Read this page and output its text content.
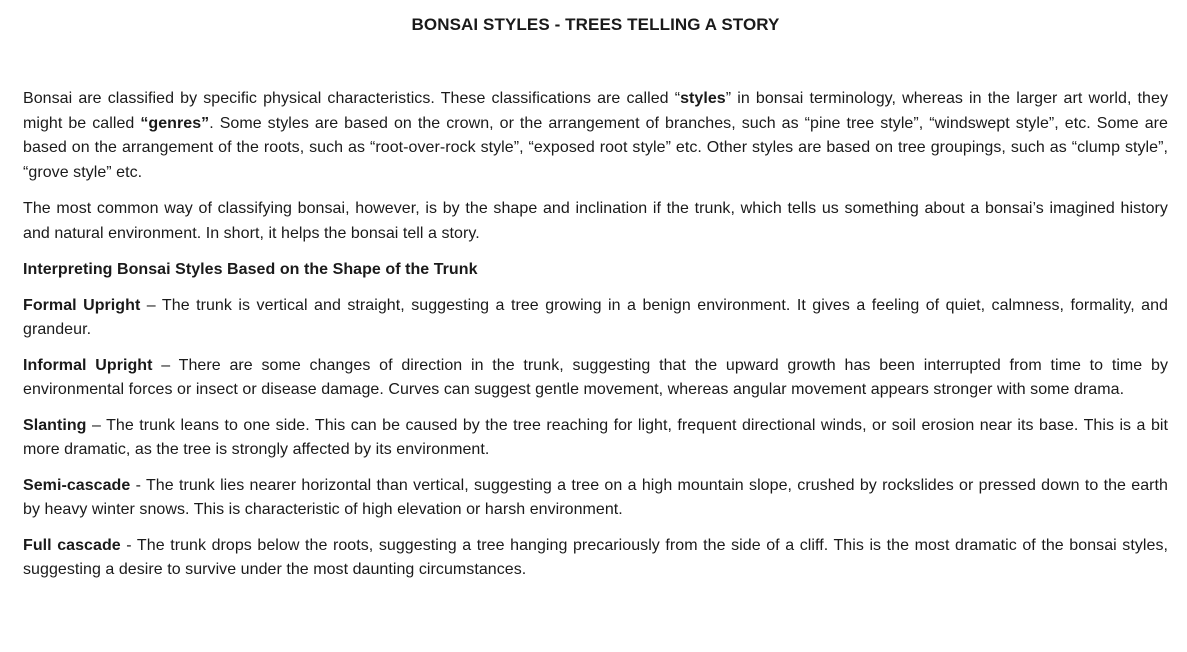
BONSAI STYLES - TREES TELLING A STORY

Bonsai are classified by specific physical characteristics. These classifications are called “styles” in bonsai terminology, whereas in the larger art world, they might be called “genres”. Some styles are based on the crown, or the arrangement of branches, such as “pine tree style”, “windswept style”, etc. Some are based on the arrangement of the roots, such as “root-over-rock style”, “exposed root style” etc. Other styles are based on tree groupings, such as “clump style”, “grove style” etc.

The most common way of classifying bonsai, however, is by the shape and inclination if the trunk, which tells us something about a bonsai’s imagined history and natural environment. In short, it helps the bonsai tell a story.

Interpreting Bonsai Styles Based on the Shape of the Trunk

Formal Upright – The trunk is vertical and straight, suggesting a tree growing in a benign environment. It gives a feeling of quiet, calmness, formality, and grandeur.

Informal Upright – There are some changes of direction in the trunk, suggesting that the upward growth has been interrupted from time to time by environmental forces or insect or disease damage. Curves can suggest gentle movement, whereas angular movement appears stronger with some drama.

Slanting – The trunk leans to one side. This can be caused by the tree reaching for light, frequent directional winds, or soil erosion near its base. This is a bit more dramatic, as the tree is strongly affected by its environment.

Semi-cascade - The trunk lies nearer horizontal than vertical, suggesting a tree on a high mountain slope, crushed by rockslides or pressed down to the earth by heavy winter snows. This is characteristic of high elevation or harsh environment.

Full cascade - The trunk drops below the roots, suggesting a tree hanging precariously from the side of a cliff. This is the most dramatic of the bonsai styles, suggesting a desire to survive under the most daunting circumstances.
